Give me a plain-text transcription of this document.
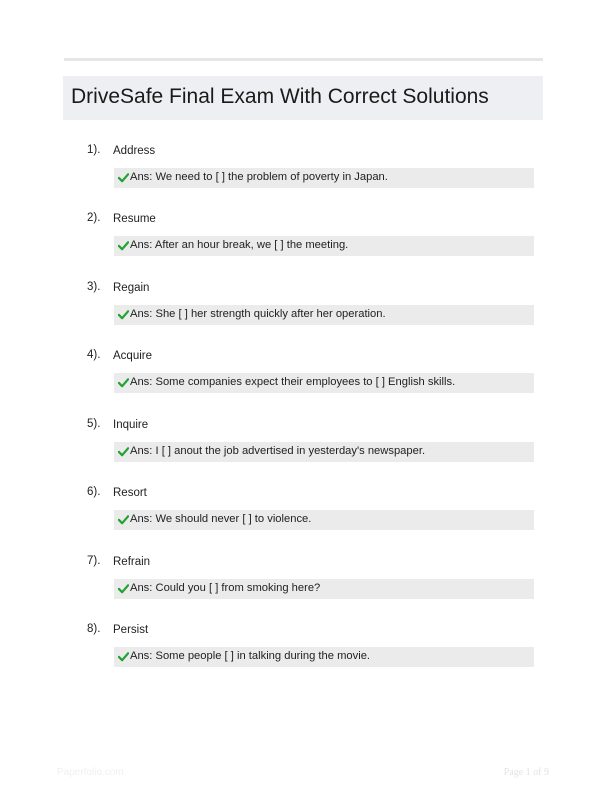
DriveSafe Final Exam With Correct Solutions
1). Address
Ans: We need to [ ] the problem of poverty in Japan.
2). Resume
Ans: After an hour break, we [ ] the meeting.
3). Regain
Ans: She [ ] her strength quickly after her operation.
4). Acquire
Ans: Some companies expect their employees to [ ] English skills.
5). Inquire
Ans: I [ ] anout the job advertised in yesterday's newspaper.
6). Resort
Ans: We should never [ ] to violence.
7). Refrain
Ans: Could you [ ] from smoking here?
8). Persist
Ans: Some people [ ] in talking during the movie.
Paperfolio.com	Page 1 of 9
